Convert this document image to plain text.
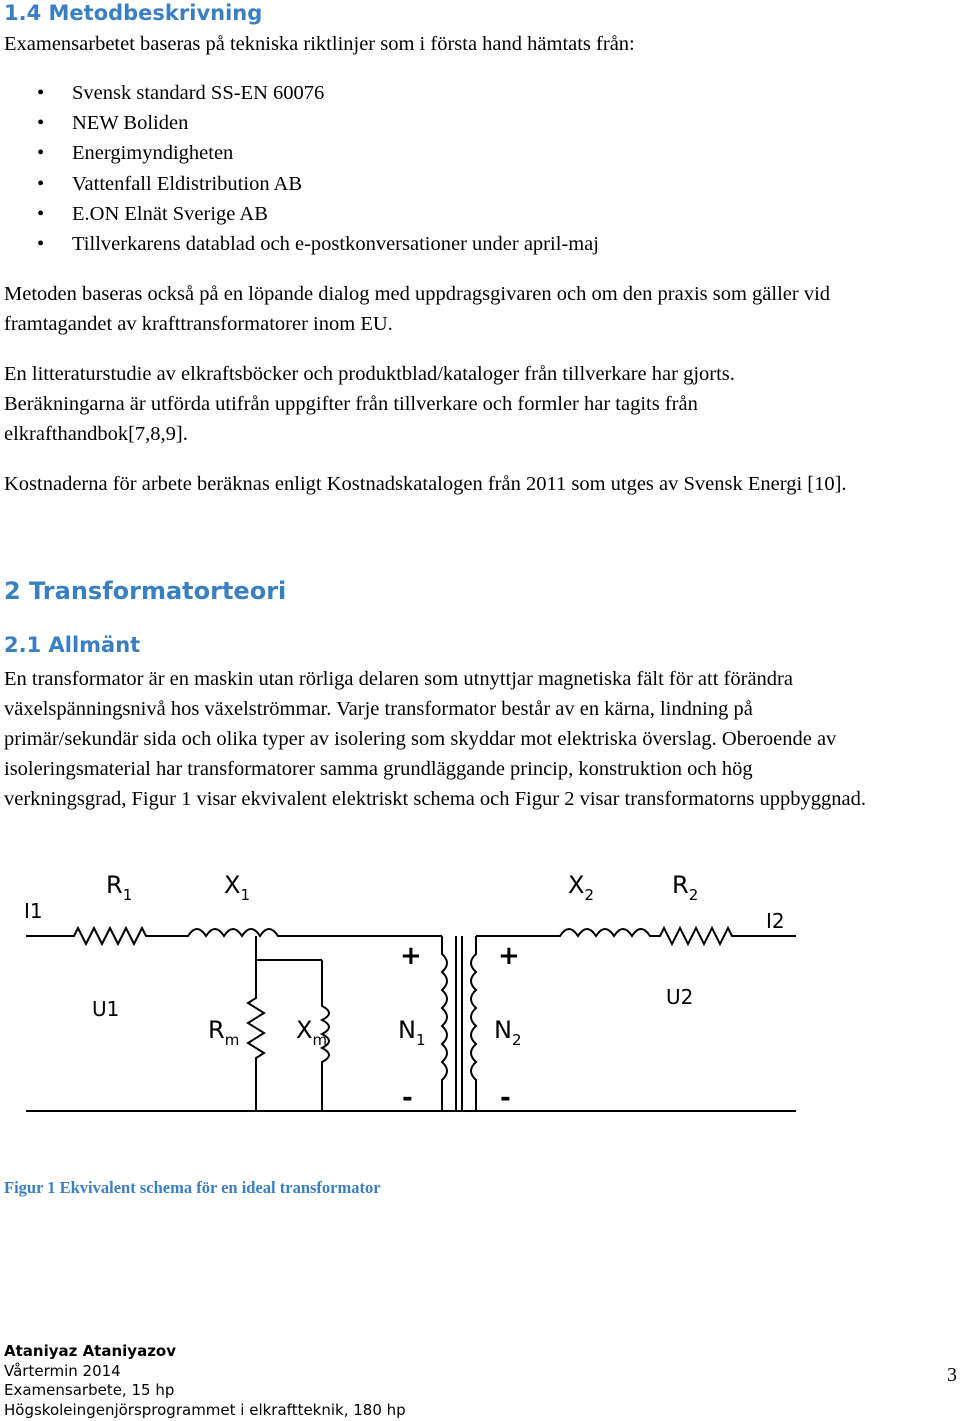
1.4 Metodbeskrivning

Examensarbetet baseras på tekniska riktlinjer som i första hand hämtats från:

• Svensk standard SS-EN 60076
• NEW Boliden
• Energimyndigheten
• Vattenfall Eldistribution AB
• E.ON Elnät Sverige AB
• Tillverkarens datablad och e-postkonversationer under april-maj

Metoden baseras också på en löpande dialog med uppdragsgivaren och om den praxis som gäller vid framtagandet av krafttransformatorer inom EU.

En litteraturstudie av elkraftsböcker och produktblad/kataloger från tillverkare har gjorts. Beräkningarna är utförda utifrån uppgifter från tillverkare och formler har tagits från elkrafthandbok[7,8,9].

Kostnaderna för arbete beräknas enligt Kostnadskatalogen från 2011 som utges av Svensk Energi [10].

2 Transformatorteori
2.1 Allmänt

En transformator är en maskin utan rörliga delaren som utnyttjar magnetiska fält för att förändra växelspänningsnivå hos växelströmmar. Varje transformator består av en kärna, lindning på primär/sekundär sida och olika typer av isolering som skyddar mot elektriska överslag. Oberoende av isoleringsmaterial har transformatorer samma grundläggande princip, konstruktion och hög verkningsgrad, Figur 1 visar ekvivalent elektriskt schema och Figur 2 visar transformatorns uppbyggnad.

$R_1$	$X_1$	$X_2$	$R_2$
I1	I2
U1	U2
$R_m$ $X_m$	$N_1$	$N_2$
+	+
-	-

Figur 1 Ekvivalent schema för en ideal transformator

Ataniyaz Ataniyazov
Vårtermin 2014
Examensarbete, 15 hp
Högskoleingenjörsprogrammet i elkraftteknik, 180 hp
3
